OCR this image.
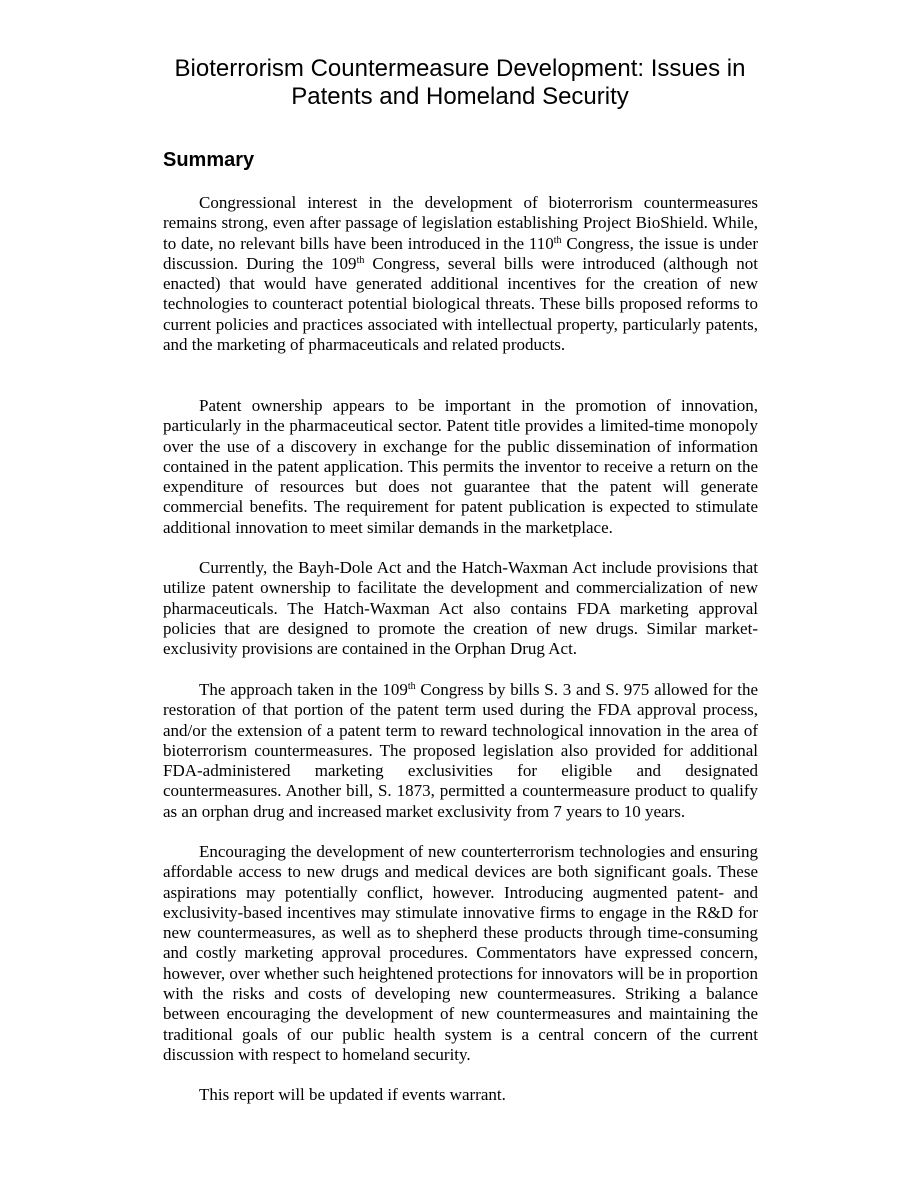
Bioterrorism Countermeasure Development: Issues in
Patents and Homeland Security
Summary

Congressional interest in the development of bioterrorism countermeasures remains strong, even after passage of legislation establishing Project BioShield. While, to date, no relevant bills have been introduced in the 110th Congress, the issue is under discussion. During the 109th Congress, several bills were introduced (although not enacted) that would have generated additional incentives for the creation of new technologies to counteract potential biological threats. These bills proposed reforms to current policies and practices associated with intellectual property, particularly patents, and the marketing of pharmaceuticals and related products.

Patent ownership appears to be important in the promotion of innovation, particularly in the pharmaceutical sector. Patent title provides a limited-time monopoly over the use of a discovery in exchange for the public dissemination of information contained in the patent application. This permits the inventor to receive a return on the expenditure of resources but does not guarantee that the patent will generate commercial benefits. The requirement for patent publication is expected to stimulate additional innovation to meet similar demands in the marketplace.

Currently, the Bayh-Dole Act and the Hatch-Waxman Act include provisions that utilize patent ownership to facilitate the development and commercialization of new pharmaceuticals. The Hatch-Waxman Act also contains FDA marketing approval policies that are designed to promote the creation of new drugs. Similar market-exclusivity provisions are contained in the Orphan Drug Act.

The approach taken in the 109th Congress by bills S. 3 and S. 975 allowed for the restoration of that portion of the patent term used during the FDA approval process, and/or the extension of a patent term to reward technological innovation in the area of bioterrorism countermeasures. The proposed legislation also provided for additional FDA-administered marketing exclusivities for eligible and designated countermeasures. Another bill, S. 1873, permitted a countermeasure product to qualify as an orphan drug and increased market exclusivity from 7 years to 10 years.

Encouraging the development of new counterterrorism technologies and ensuring affordable access to new drugs and medical devices are both significant goals. These aspirations may potentially conflict, however. Introducing augmented patent- and exclusivity-based incentives may stimulate innovative firms to engage in the R&D for new countermeasures, as well as to shepherd these products through time-consuming and costly marketing approval procedures. Commentators have expressed concern, however, over whether such heightened protections for innovators will be in proportion with the risks and costs of developing new countermeasures. Striking a balance between encouraging the development of new countermeasures and maintaining the traditional goals of our public health system is a central concern of the current discussion with respect to homeland security.

This report will be updated if events warrant.
